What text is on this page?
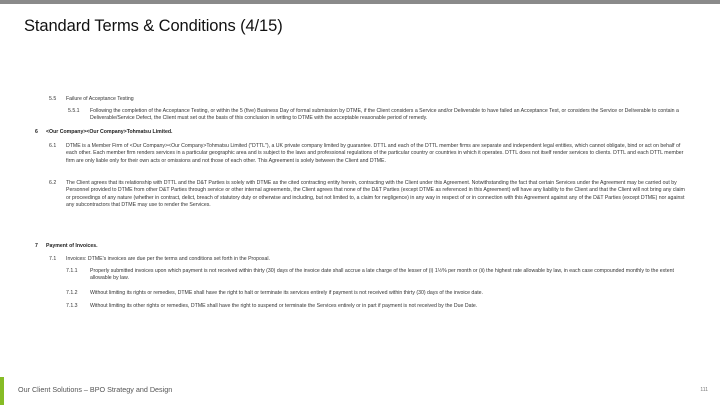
Standard Terms & Conditions (4/15)
5.5 Failure of Acceptance Testing
5.5.1 Following the completion of the Acceptance Testing, or within the 5 (five) Business Day of formal submission by DTME, if the Client considers a Service and/or Deliverable to have failed an Acceptance Test, or considers the Service or Deliverable to contain a Deliverable/Service Defect, the Client must set out the basis of this conclusion in writing to DTME with the acceptable reasonable period of remedy.
6 <Our Company><Our Company>Tohmatsu Limited.
6.1 DTME is a Member Firm of <Our Company><Our Company>Tohmatsu Limited ("DTTL"), a UK private company limited by guarantee. DTTL and each of the DTTL member firms are separate and independent legal entities, which cannot obligate, bind or act on behalf of each other. Each member firm renders services in a particular geographic area and is subject to the laws and professional regulations of the particular country or countries in which it operates. DTTL does not itself render services to clients. DTTL and each DTTL member firm are only liable only for their own acts or omissions and not those of each other. This Agreement is solely between the Client and DTME.
6.2 The Client agrees that its relationship with DTTL and the D&T Parties is solely with DTME as the cited contracting entity herein, contracting with the Client under this Agreement. Notwithstanding the fact that certain Services under the Agreement may be carried out by Personnel provided to DTME from other D&T Parties through service or other internal agreements, the Client agrees that none of the D&T Parties (except DTME as referenced in this Agreement) will have any liability to the Client and that the Client will not bring any claim or proceedings of any nature (whether in contract, delict, breach of statutory duty or otherwise and including, but not limited to, a claim for negligence) in any way in respect of or in connection with this Agreement against any of the D&T Parties (except DTME) nor against any subcontractors that DTME may use to render the Services.
7 Payment of Invoices.
7.1 Invoices: DTME's invoices are due per the terms and conditions set forth in the Proposal.
7.1.1 Properly submitted invoices upon which payment is not received within thirty (30) days of the invoice date shall accrue a late charge of the lesser of (i) 1½% per month or (ii) the highest rate allowable by law, in each case compounded monthly to the extent allowable by law.
7.1.2 Without limiting its rights or remedies, DTME shall have the right to halt or terminate its services entirely if payment is not received within thirty (30) days of the invoice date.
7.1.3 Without limiting its other rights or remedies, DTME shall have the right to suspend or terminate the Services entirely or in part if payment is not received by the Due Date.
Our Client Solutions – BPO Strategy and Design	111
